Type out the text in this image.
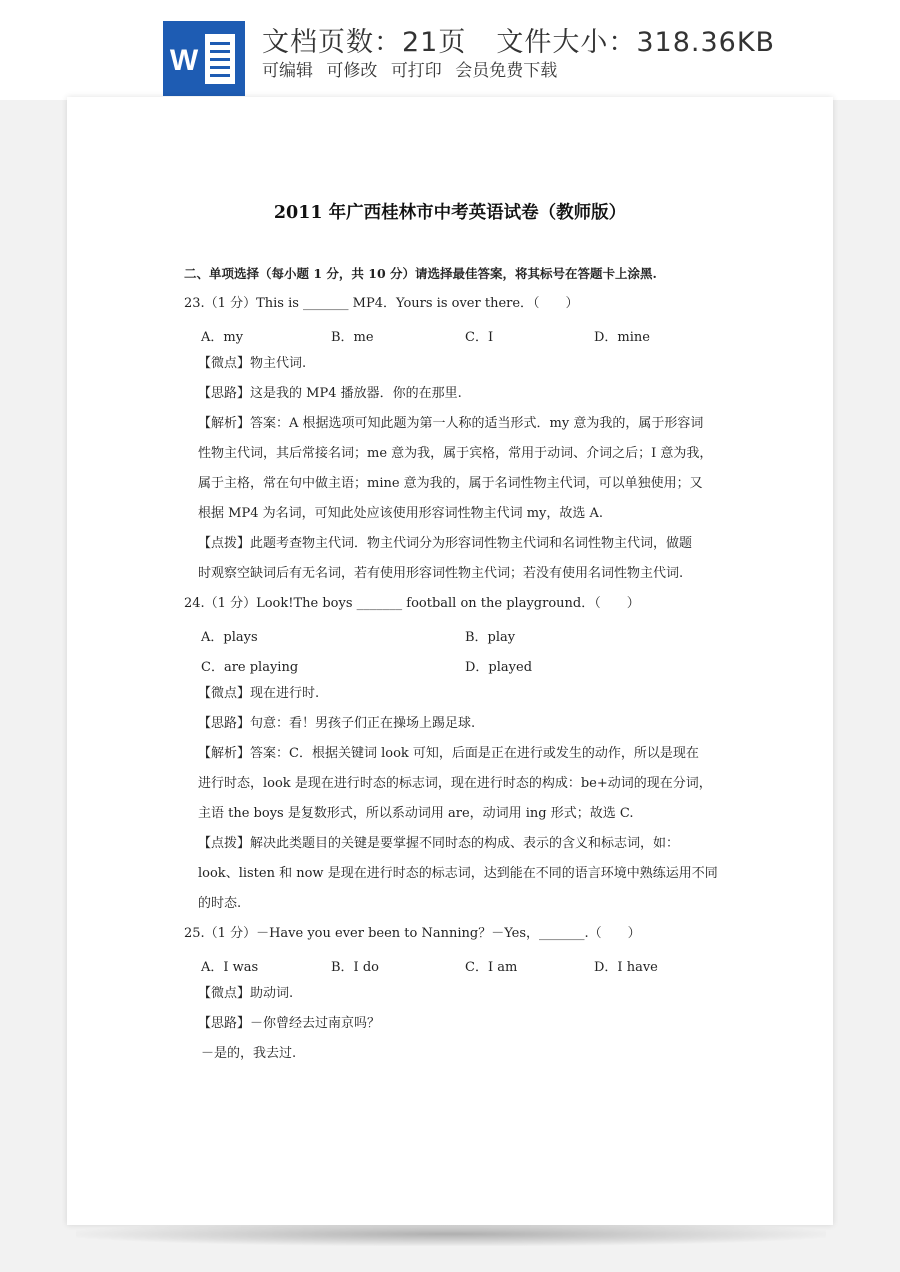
W
文档页数：21页 文件大小：318.36KB
可编辑 可修改 可打印 会员免费下载
2011 年广西桂林市中考英语试卷（教师版）
二、单项选择（每小题 1 分，共 10 分）请选择最佳答案，将其标号在答题卡上涂黑.
23.（1 分）This is _______ MP4．Yours is over there．（　　）
A．my	B．me	C．I	D．mine
【微点】物主代词.
【思路】这是我的 MP4 播放器．你的在那里.
【解析】答案：A 根据选项可知此题为第一人称的适当形式．my 意为我的，属于形容词
性物主代词，其后常接名词；me 意为我，属于宾格，常用于动词、介词之后；I 意为我，
属于主格，常在句中做主语；mine 意为我的，属于名词性物主代词，可以单独使用；又
根据 MP4 为名词，可知此处应该使用形容词性物主代词 my，故选 A.
【点拨】此题考查物主代词．物主代词分为形容词性物主代词和名词性物主代词，做题
时观察空缺词后有无名词，若有使用形容词性物主代词；若没有使用名词性物主代词.
24.（1 分）Look!The boys _______ football on the playground．（　　）
A．plays	B．play
C．are playing	D．played
【微点】现在进行时.
【思路】句意：看！男孩子们正在操场上踢足球.
【解析】答案：C．根据关键词 look 可知，后面是正在进行或发生的动作，所以是现在
进行时态，look 是现在进行时态的标志词，现在进行时态的构成：be+动词的现在分词，
主语 the boys 是复数形式，所以系动词用 are，动词用 ing 形式；故选 C.
【点拨】解决此类题目的关键是要掌握不同时态的构成、表示的含义和标志词，如：
look、listen 和 now 是现在进行时态的标志词，达到能在不同的语言环境中熟练运用不同
的时态.
25.（1 分）－Have you ever been to Nanning？－Yes，_______.（　　）
A．I was	B．I do	C．I am	D．I have
【微点】助动词.
【思路】－你曾经去过南京吗？
－是的，我去过.
